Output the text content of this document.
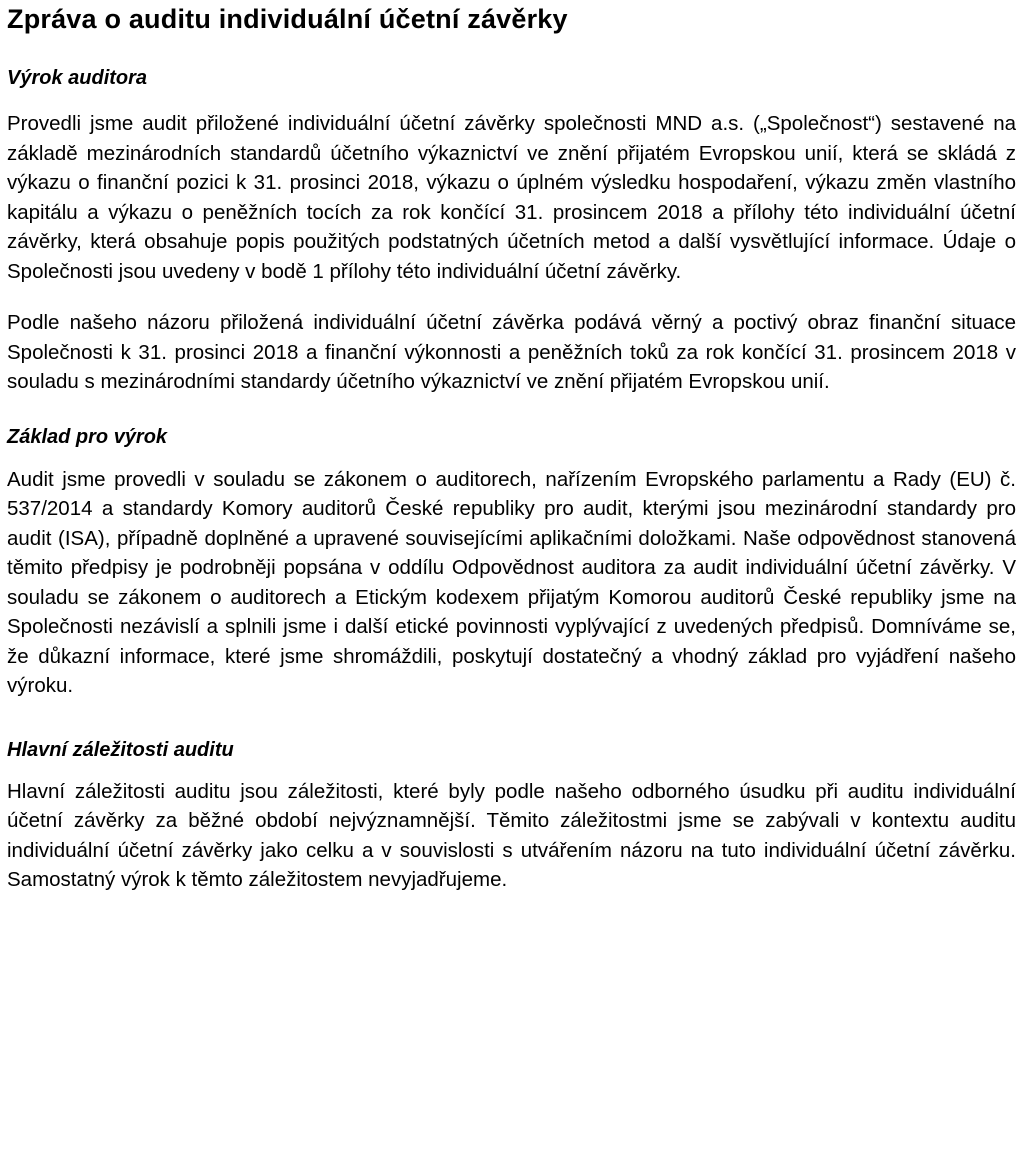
Zpráva o auditu individuální účetní závěrky
Výrok auditora

Provedli jsme audit přiložené individuální účetní závěrky společnosti MND a.s. („Společnost“) sestavené na základě mezinárodních standardů účetního výkaznictví ve znění přijatém Evropskou unií, která se skládá z výkazu o finanční pozici k 31. prosinci 2018, výkazu o úplném výsledku hospodaření, výkazu změn vlastního kapitálu a výkazu o peněžních tocích za rok končící 31. prosincem 2018 a přílohy této individuální účetní závěrky, která obsahuje popis použitých podstatných účetních metod a další vysvětlující informace. Údaje o Společnosti jsou uvedeny v bodě 1 přílohy této individuální účetní závěrky.

Podle našeho názoru přiložená individuální účetní závěrka podává věrný a poctivý obraz finanční situace Společnosti k 31. prosinci 2018 a finanční výkonnosti a peněžních toků za rok končící 31. prosincem 2018 v souladu s mezinárodními standardy účetního výkaznictví ve znění přijatém Evropskou unií.

Základ pro výrok

Audit jsme provedli v souladu se zákonem o auditorech, nařízením Evropského parlamentu a Rady (EU) č. 537/2014 a standardy Komory auditorů České republiky pro audit, kterými jsou mezinárodní standardy pro audit (ISA), případně doplněné a upravené souvisejícími aplikačními doložkami. Naše odpovědnost stanovená těmito předpisy je podrobněji popsána v oddílu Odpovědnost auditora za audit individuální účetní závěrky. V souladu se zákonem o auditorech a Etickým kodexem přijatým Komorou auditorů České republiky jsme na Společnosti nezávislí a splnili jsme i další etické povinnosti vyplývající z uvedených předpisů. Domníváme se, že důkazní informace, které jsme shromáždili, poskytují dostatečný a vhodný základ pro vyjádření našeho výroku.

Hlavní záležitosti auditu

Hlavní záležitosti auditu jsou záležitosti, které byly podle našeho odborného úsudku při auditu individuální účetní závěrky za běžné období nejvýznamnější. Těmito záležitostmi jsme se zabývali v kontextu auditu individuální účetní závěrky jako celku a v souvislosti s utvářením názoru na tuto individuální účetní závěrku. Samostatný výrok k těmto záležitostem nevyjadřujeme.
